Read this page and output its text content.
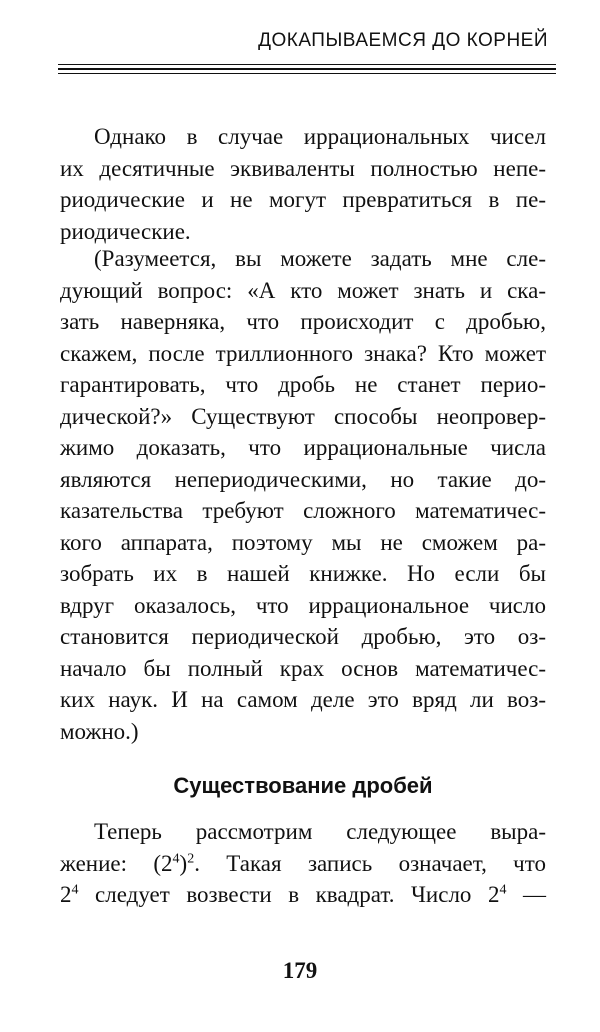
ДОКАПЫВАЕМСЯ ДО КОРНЕЙ
Однако в случае иррациональных чисел
их десятичные эквиваленты полностью непе-
риодические и не могут превратиться в пе-
риодические.
(Разумеется, вы можете задать мне сле-
дующий вопрос: «А кто может знать и ска-
зать наверняка, что происходит с дробью,
скажем, после триллионного знака? Кто может
гарантировать, что дробь не станет перио-
дической?» Существуют способы неопровер-
жимо доказать, что иррациональные числа
являются непериодическими, но такие до-
казательства требуют сложного математичес-
кого аппарата, поэтому мы не сможем ра-
зобрать их в нашей книжке. Но если бы
вдруг оказалось, что иррациональное число
становится периодической дробью, это оз-
начало бы полный крах основ математичес-
ких наук. И на самом деле это вряд ли воз-
можно.)
Существование дробей
Теперь рассмотрим следующее выра-
жение: $(2^4)^2$. Такая запись означает, что
$2^4$ следует возвести в квадрат. Число $2^4$ —
179
